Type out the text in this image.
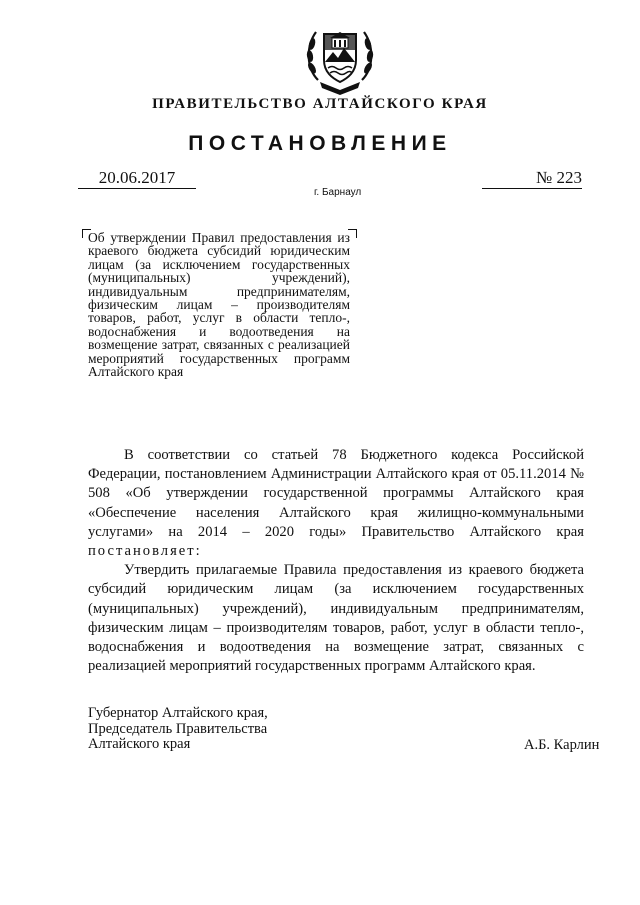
ПРАВИТЕЛЬСТВО АЛТАЙСКОГО КРАЯ
ПОСТАНОВЛЕНИЕ
20.06.2017	№ 223
г. Барнаул
Об утверждении Правил предоставления из краевого бюджета субсидий юридическим лицам (за исключением государственных (муниципальных) учреждений), индивидуальным предпринимателям, физическим лицам – производителям товаров, работ, услуг в области тепло-, водоснабжения и водоотведения на возмещение затрат, связанных с реализацией мероприятий государственных программ Алтайского края

В соответствии со статьей 78 Бюджетного кодекса Российской Федерации, постановлением Администрации Алтайского края от 05.11.2014 № 508 «Об утверждении государственной программы Алтайского края «Обеспечение населения Алтайского края жилищно-коммунальными услугами» на 2014 – 2020 годы» Правительство Алтайского края постановляет:

Утвердить прилагаемые Правила предоставления из краевого бюджета субсидий юридическим лицам (за исключением государственных (муниципальных) учреждений), индивидуальным предпринимателям, физическим лицам – производителям товаров, работ, услуг в области тепло-, водоснабжения и водоотведения на возмещение затрат, связанных с реализацией мероприятий государственных программ Алтайского края.

Губернатор Алтайского края,
Председатель Правительства
Алтайского края	А.Б. Карлин
